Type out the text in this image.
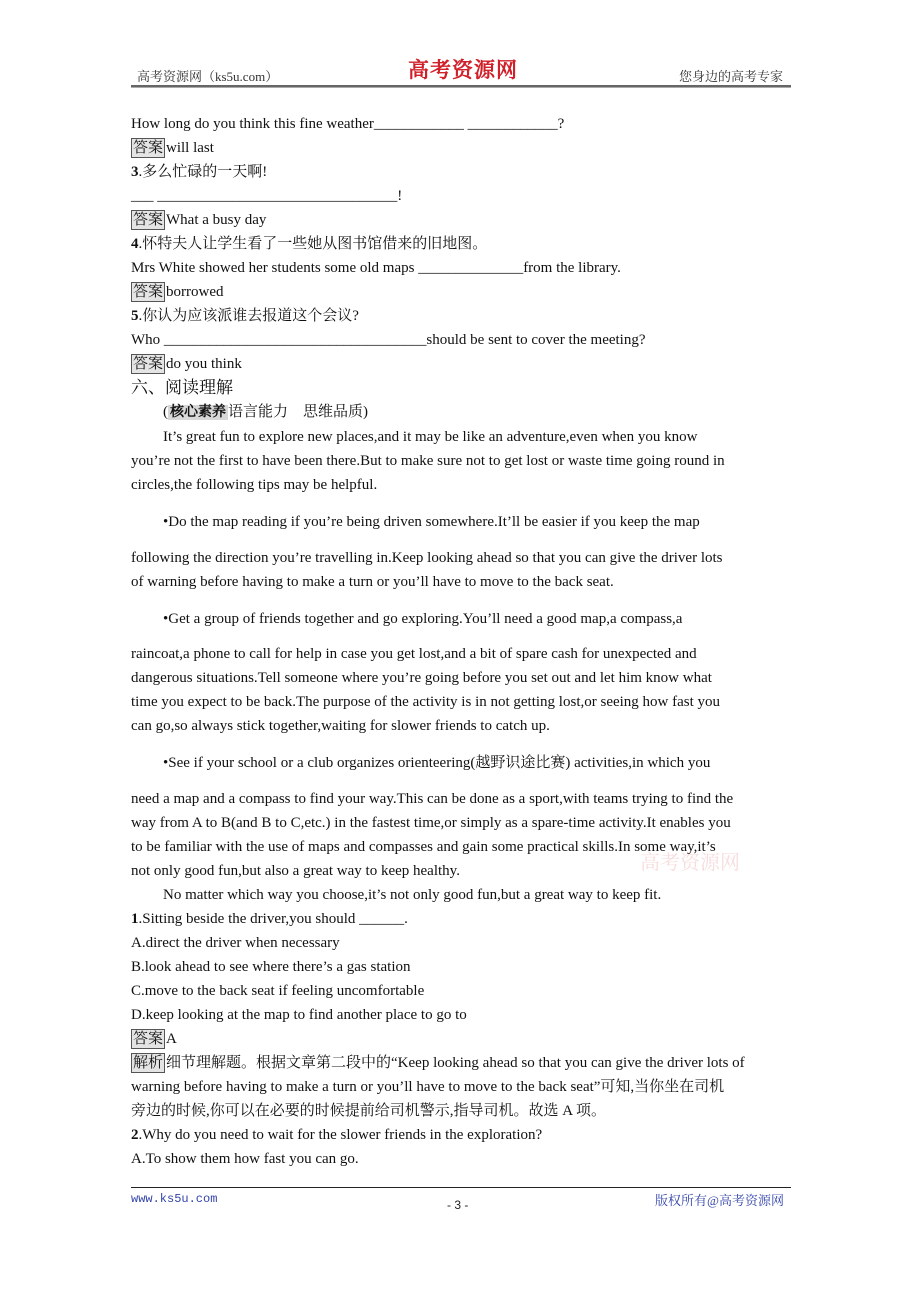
高考资源网（ks5u.com）	高考资源网	您身边的高考专家
How long do you think this fine weather____________ ____________?
答案 will last
3.多么忙碌的一天啊!
___ ________________________________!
答案 What a busy day
4.怀特夫人让学生看了一些她从图书馆借来的旧地图。
Mrs White showed her students some old maps ______________from the library.
答案 borrowed
5.你认为应该派谁去报道这个会议?
Who ___________________________________should be sent to cover the meeting?
答案 do you think
六、阅读理解
( 核心素养 语言能力　思维品质)
It’s great fun to explore new places,and it may be like an adventure,even when you know
you’re not the first to have been there.But to make sure not to get lost or waste time going round in
circles,the following tips may be helpful.
•Do the map reading if you’re being driven somewhere.It’ll be easier if you keep the map
following the direction you’re travelling in.Keep looking ahead so that you can give the driver lots
of warning before having to make a turn or you’ll have to move to the back seat.
•Get a group of friends together and go exploring.You’ll need a good map,a compass,a
raincoat,a phone to call for help in case you get lost,and a bit of spare cash for unexpected and
dangerous situations.Tell someone where you’re going before you set out and let him know what
time you expect to be back.The purpose of the activity is in not getting lost,or seeing how fast you
can go,so always stick together,waiting for slower friends to catch up.
•See if your school or a club organizes orienteering(越野识途比赛) activities,in which you
need a map and a compass to find your way.This can be done as a sport,with teams trying to find the
way from A to B(and B to C,etc.) in the fastest time,or simply as a spare-time activity.It enables you
to be familiar with the use of maps and compasses and gain some practical skills.In some way,it’s
not only good fun,but also a great way to keep healthy.
No matter which way you choose,it’s not only good fun,but a great way to keep fit.
1.Sitting beside the driver,you should ______.
A.direct the driver when necessary
B.look ahead to see where there’s a gas station
C.move to the back seat if feeling uncomfortable
D.keep looking at the map to find another place to go to
答案 A
解析 细节理解题。根据文章第二段中的“Keep looking ahead so that you can give the driver lots of
warning before having to make a turn or you’ll have to move to the back seat”可知,当你坐在司机
旁边的时候,你可以在必要的时候提前给司机警示,指导司机。故选 A 项。
2.Why do you need to wait for the slower friends in the exploration?
A.To show them how fast you can go.
高考资源网
www.ks5u.com	- 3 -	版权所有@高考资源网
